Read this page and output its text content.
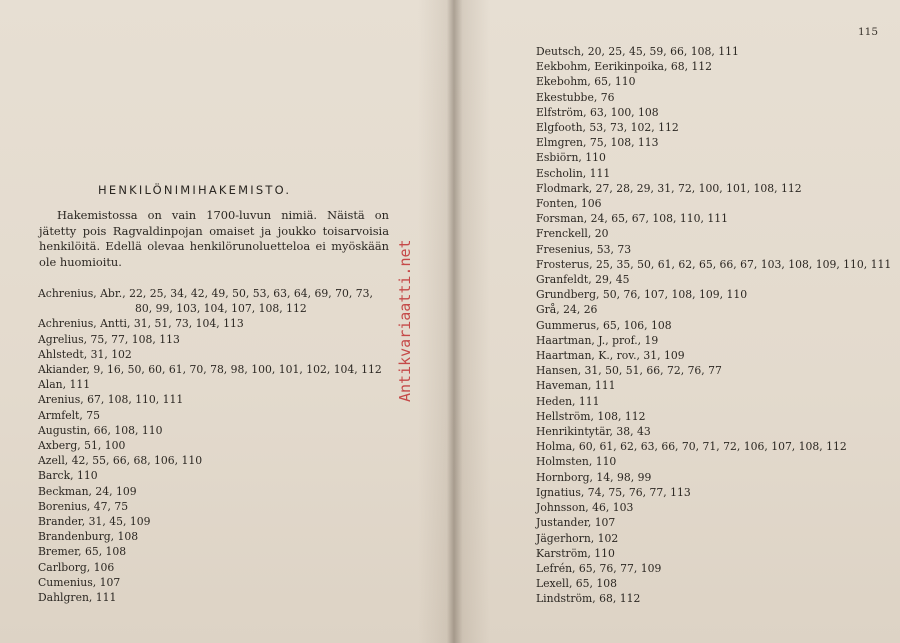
HENKILÖNIMIHAKEMISTO.

Hakemistossa on vain 1700-luvun nimiä. Näistä on jätetty pois Ragvaldinpojan omaiset ja joukko toisarvoisia henkilöitä. Edellä olevaa henkilörunoluetteloa ei myöskään ole huomioitu.

Achrenius, Abr., 22, 25, 34, 42, 49, 50, 53, 63, 64, 69, 70, 73, 80, 99, 103, 104, 107, 108, 112
Achrenius, Antti, 31, 51, 73, 104, 113
Agrelius, 75, 77, 108, 113
Ahlstedt, 31, 102
Akiander, 9, 16, 50, 60, 61, 70, 78, 98, 100, 101, 102, 104, 112
Alan, 111
Arenius, 67, 108, 110, 111
Armfelt, 75
Augustin, 66, 108, 110
Axberg, 51, 100
Azell, 42, 55, 66, 68, 106, 110
Barck, 110
Beckman, 24, 109
Borenius, 47, 75
Brander, 31, 45, 109
Brandenburg, 108
Bremer, 65, 108
Carlborg, 106
Cumenius, 107
Dahlgren, 111
115
Deutsch, 20, 25, 45, 59, 66, 108, 111
Eekbohm, Eerikinpoika, 68, 112
Ekebohm, 65, 110
Ekestubbe, 76
Elfström, 63, 100, 108
Elgfooth, 53, 73, 102, 112
Elmgren, 75, 108, 113
Esbiörn, 110
Escholin, 111
Flodmark, 27, 28, 29, 31, 72, 100, 101, 108, 112
Fonten, 106
Forsman, 24, 65, 67, 108, 110, 111
Frenckell, 20
Fresenius, 53, 73
Frosterus, 25, 35, 50, 61, 62, 65, 66, 67, 103, 108, 109, 110, 111
Granfeldt, 29, 45
Grundberg, 50, 76, 107, 108, 109, 110
Grå, 24, 26
Gummerus, 65, 106, 108
Haartman, J., prof., 19
Haartman, K., rov., 31, 109
Hansen, 31, 50, 51, 66, 72, 76, 77
Haveman, 111
Heden, 111
Hellström, 108, 112
Henrikintytär, 38, 43
Holma, 60, 61, 62, 63, 66, 70, 71, 72, 106, 107, 108, 112
Holmsten, 110
Hornborg, 14, 98, 99
Ignatius, 74, 75, 76, 77, 113
Johnsson, 46, 103
Justander, 107
Jägerhorn, 102
Karström, 110
Lefrén, 65, 76, 77, 109
Lexell, 65, 108
Lindström, 68, 112
Antikvariaatti.net
